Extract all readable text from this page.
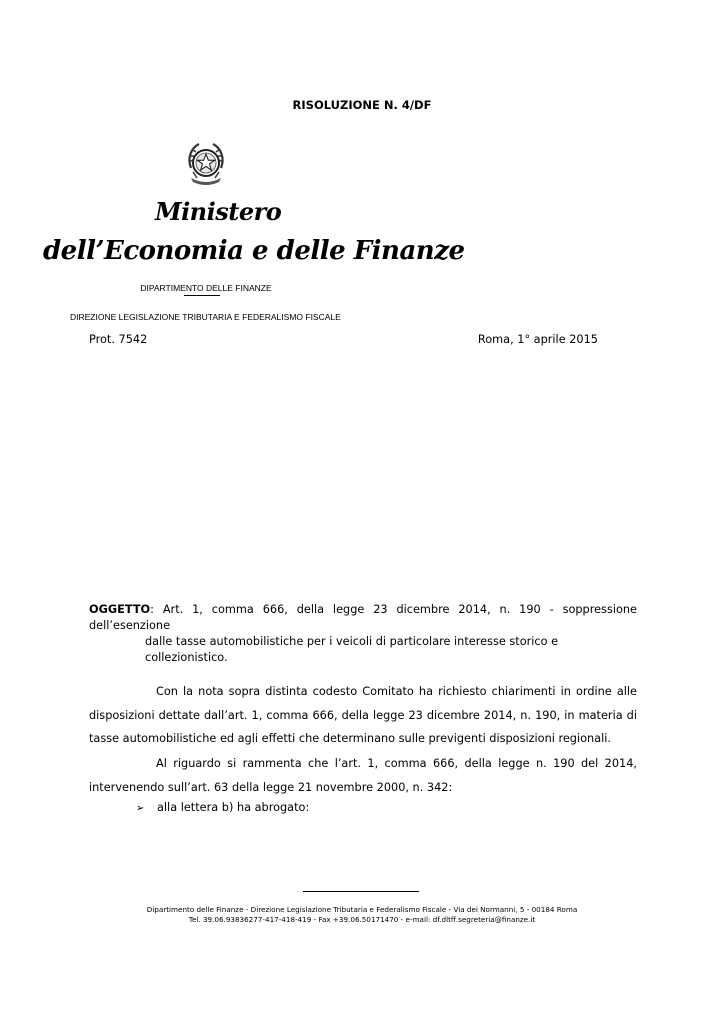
RISOLUZIONE N. 4/DF
Ministero
dell’Economia e delle Finanze
DIPARTIMENTO DELLE FINANZE
DIREZIONE LEGISLAZIONE TRIBUTARIA E FEDERALISMO FISCALE
Prot. 7542	Roma, 1° aprile 2015
OGGETTO: Art. 1, comma 666, della legge 23 dicembre 2014, n. 190 - soppressione dell’esenzione
dalle tasse automobilistiche per i veicoli di particolare interesse storico e collezionistico.
Con la nota sopra distinta codesto Comitato ha richiesto chiarimenti in ordine alle disposizioni dettate dall’art. 1, comma 666, della legge 23 dicembre 2014, n. 190, in materia di tasse automobilistiche ed agli effetti che determinano sulle previgenti disposizioni regionali.
Al riguardo si rammenta che l’art. 1, comma 666, della legge n. 190 del 2014, intervenendo sull’art. 63 della legge 21 novembre 2000, n. 342:
➢ alla lettera b) ha abrogato:
Dipartimento delle Finanze - Direzione Legislazione Tributaria e Federalismo Fiscale - Via dei Normanni, 5 - 00184 Roma
Tel. 39.06.93836277-417-418-419 - Fax +39.06.50171470 - e-mail: df.dltff.segreteria@finanze.it
